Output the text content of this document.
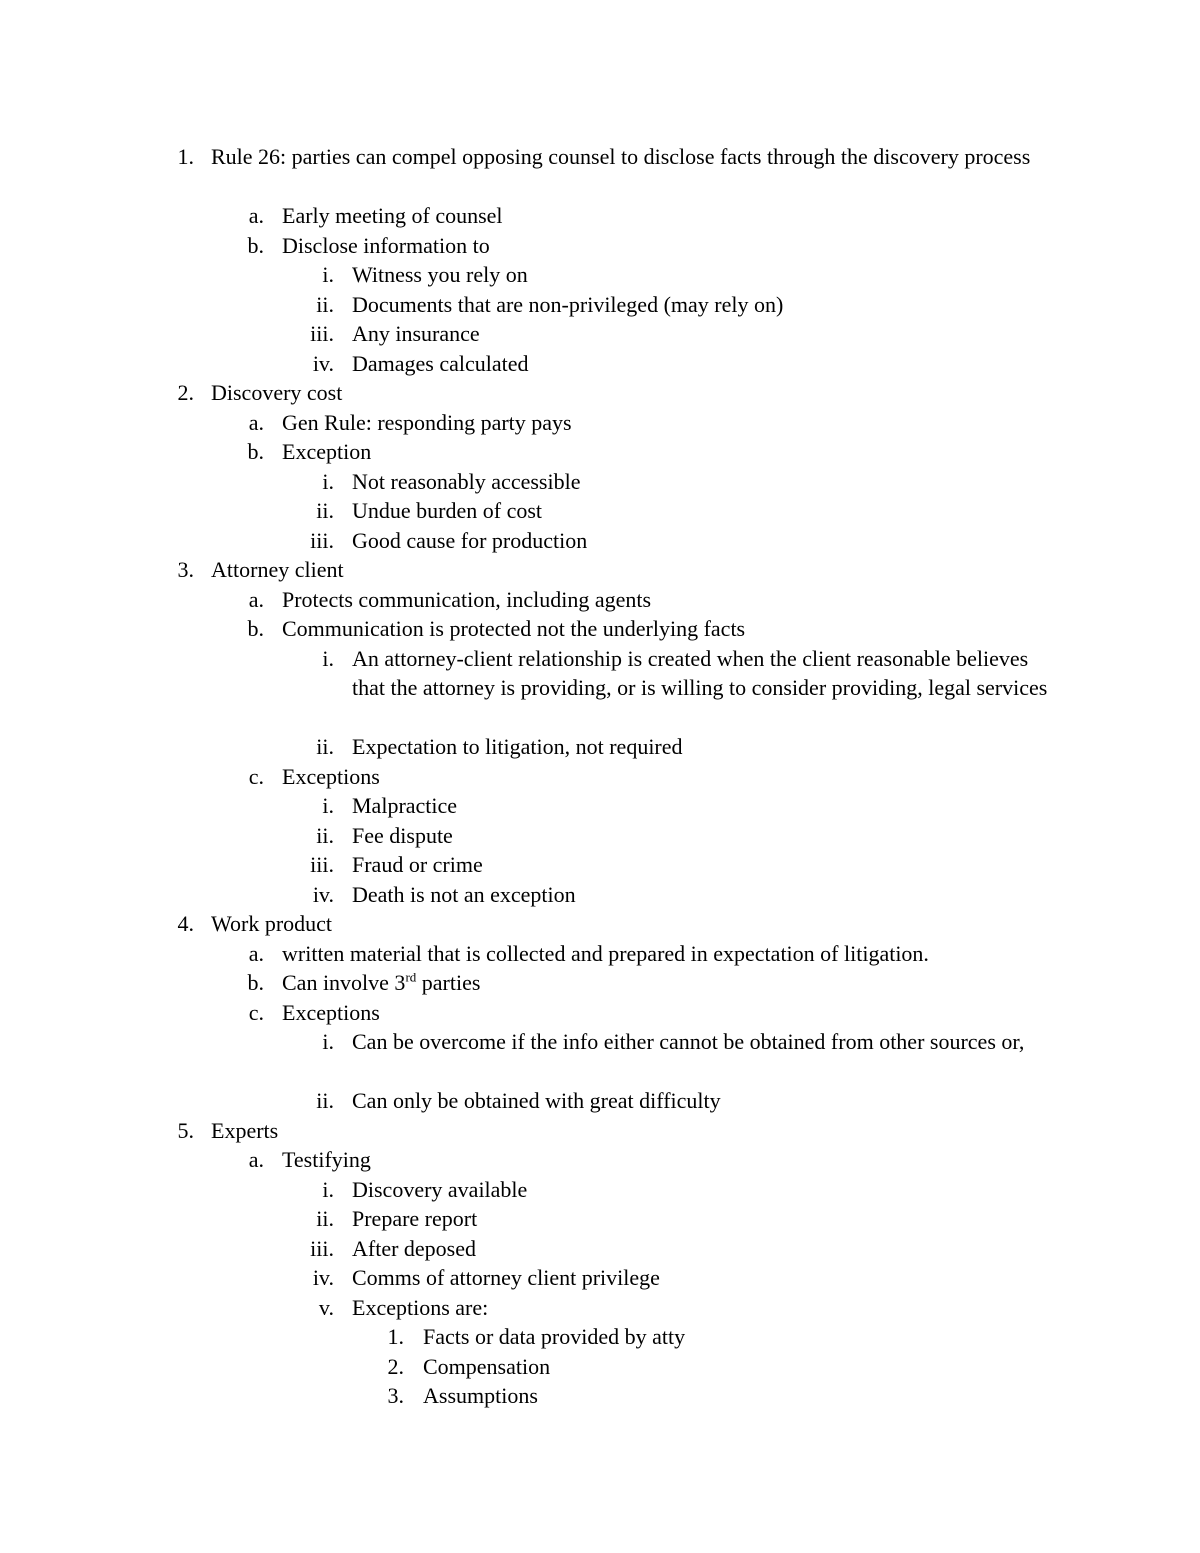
1. Rule 26: parties can compel opposing counsel to disclose facts through the discovery process
a. Early meeting of counsel
b. Disclose information to
i. Witness you rely on
ii. Documents that are non-privileged (may rely on)
iii. Any insurance
iv. Damages calculated
2. Discovery cost
a. Gen Rule: responding party pays
b. Exception
i. Not reasonably accessible
ii. Undue burden of cost
iii. Good cause for production
3. Attorney client
a. Protects communication, including agents
b. Communication is protected not the underlying facts
i. An attorney-client relationship is created when the client reasonable believes that the attorney is providing, or is willing to consider providing, legal services
ii. Expectation to litigation, not required
c. Exceptions
i. Malpractice
ii. Fee dispute
iii. Fraud or crime
iv. Death is not an exception
4. Work product
a. written material that is collected and prepared in expectation of litigation.
b. Can involve 3rd parties
c. Exceptions
i. Can be overcome if the info either cannot be obtained from other sources or,
ii. Can only be obtained with great difficulty
5. Experts
a. Testifying
i. Discovery available
ii. Prepare report
iii. After deposed
iv. Comms of attorney client privilege
v. Exceptions are:
1. Facts or data provided by atty
2. Compensation
3. Assumptions
